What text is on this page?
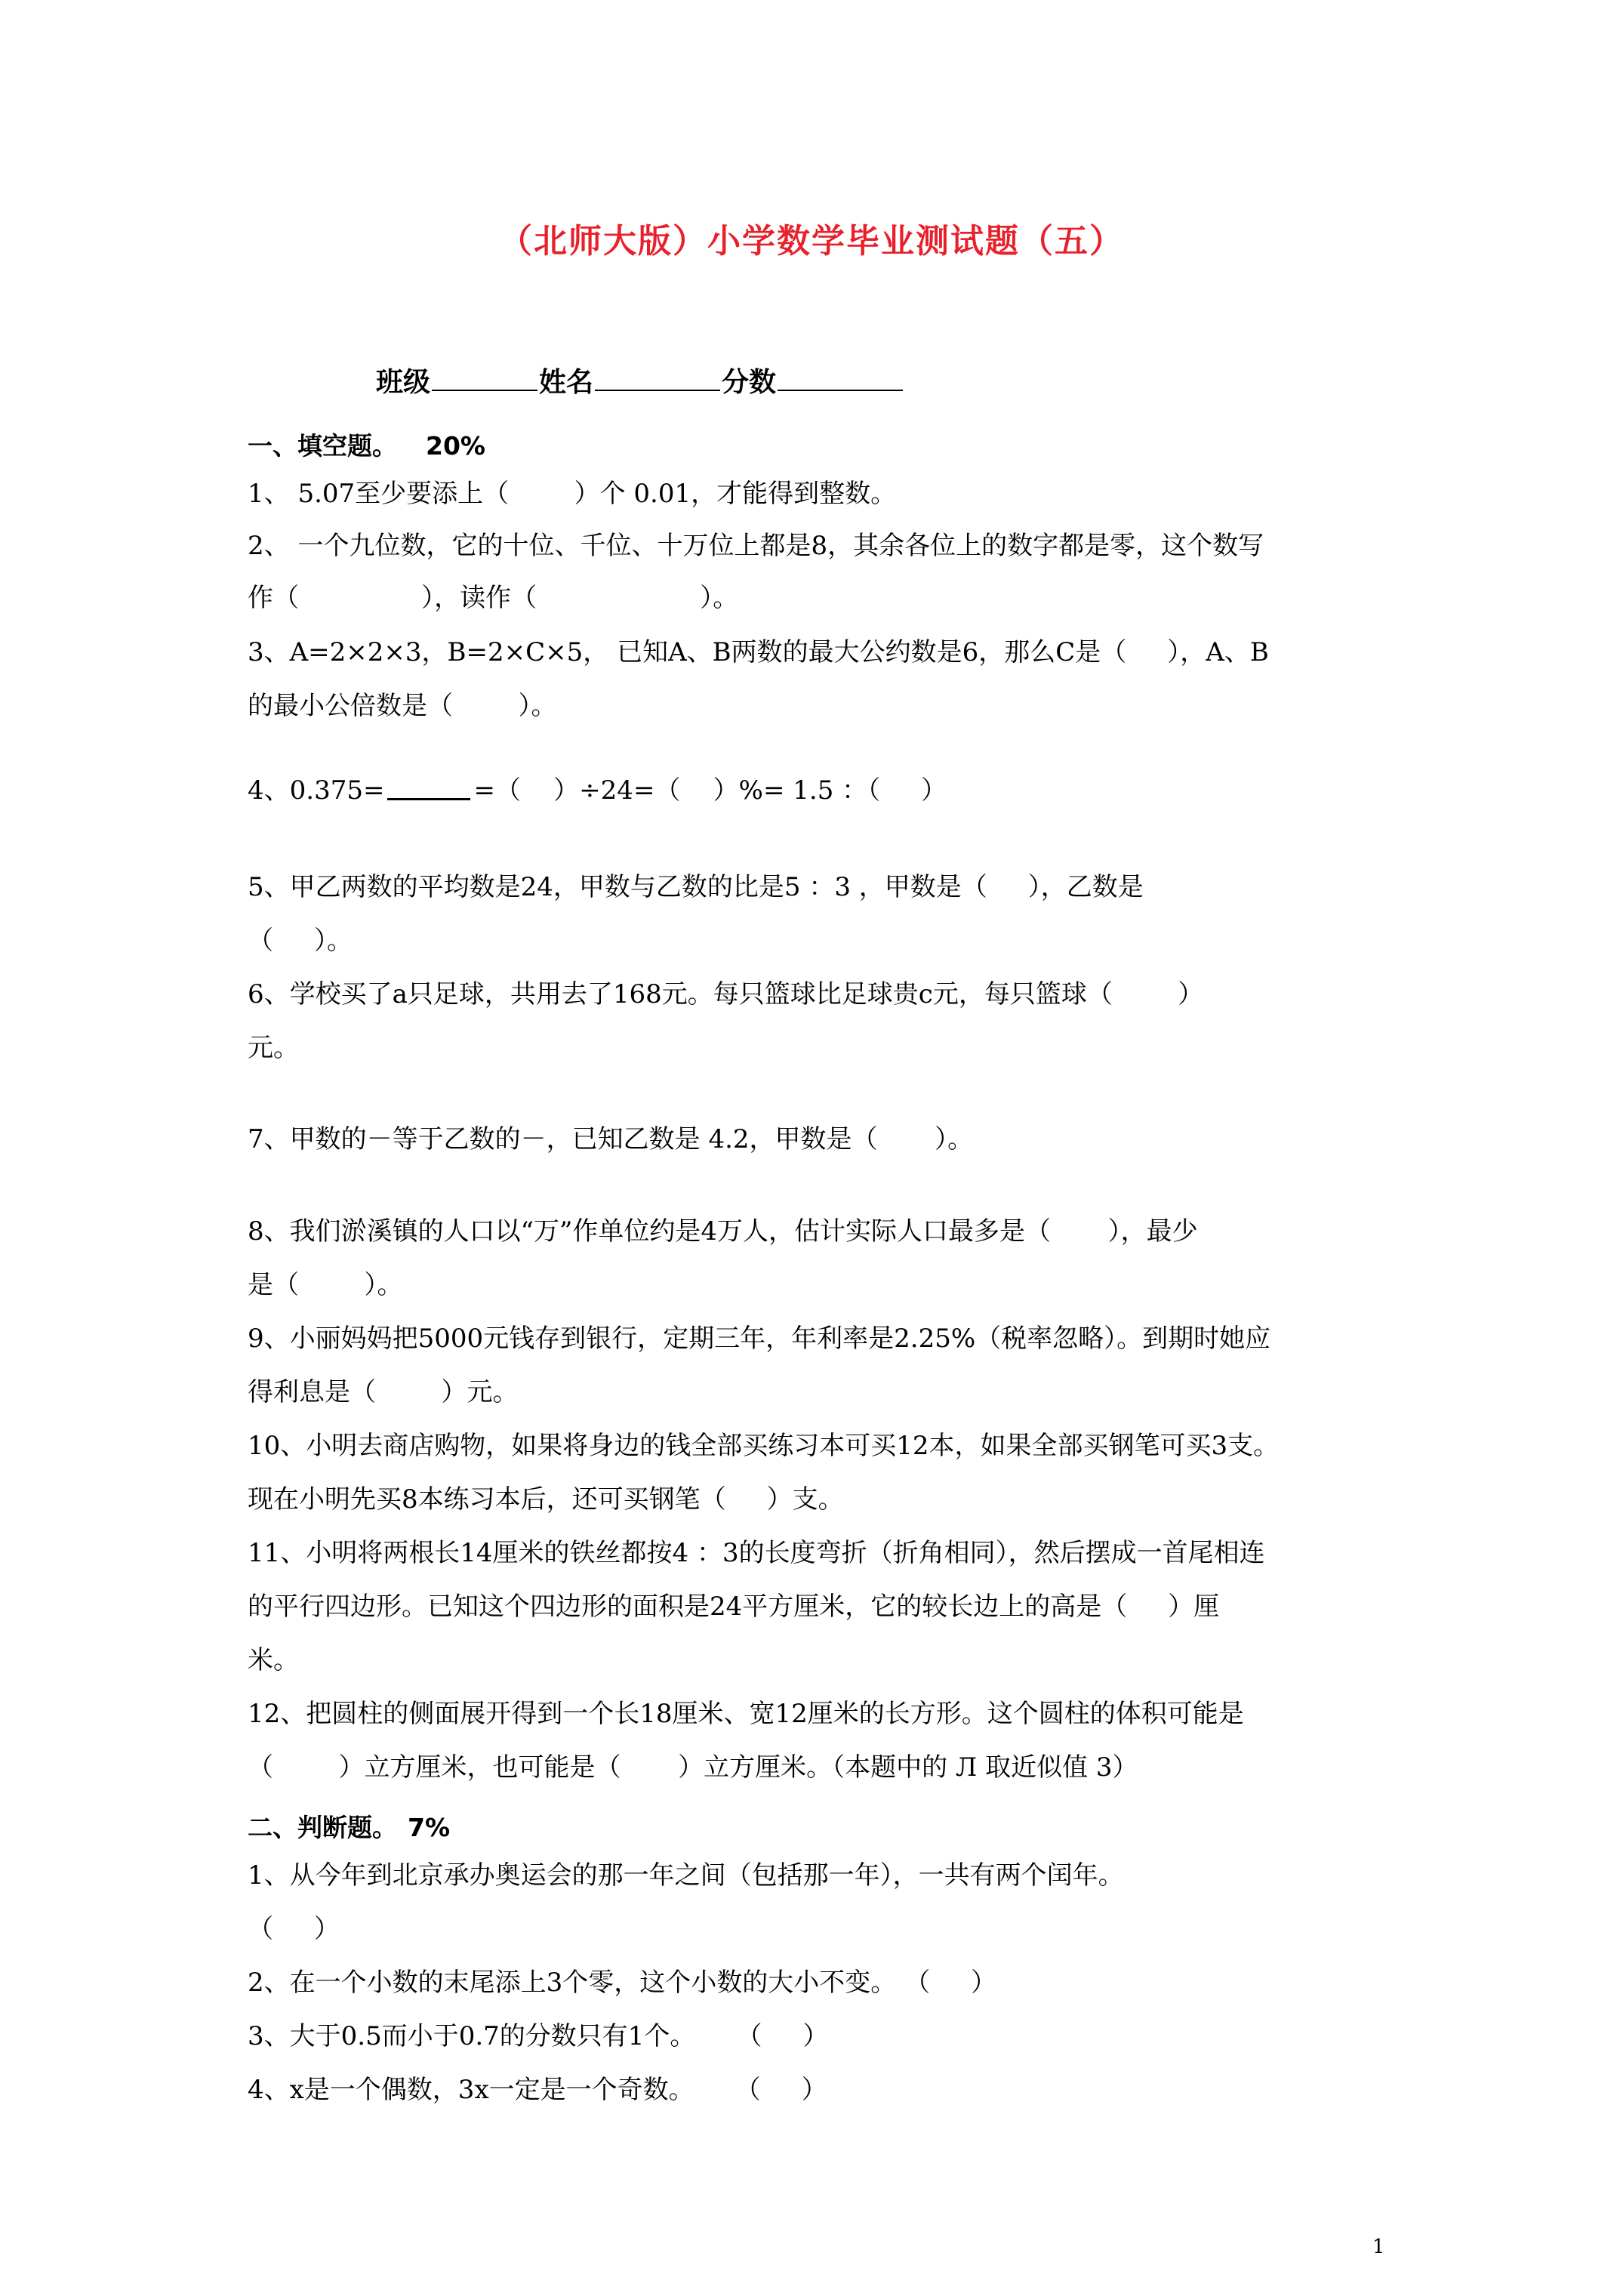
（北师大版）小学数学毕业测试题（五）
班级	姓名	分数
一、填空题。 20%
1、 5.07至少要添上（        ）个 0.01，才能得到整数。
2、 一个九位数，它的十位、千位、十万位上都是8，其余各位上的数字都是零，这个数写
作（               ），读作（                    ）。
3、A=2×2×3，B=2×C×5， 已知A、B两数的最大公约数是6，那么C是（     ），A、B
的最小公倍数是（        ）。
4、0.375=	=（    ）÷24=（    ）%= 1.5 ：（     ）
5、甲乙两数的平均数是24，甲数与乙数的比是5 ：3 ，甲数是（     ），乙数是
（     ）。
6、学校买了a只足球，共用去了168元。每只篮球比足球贵c元，每只篮球（        ）
元。
7、甲数的－等于乙数的－，已知乙数是 4.2，甲数是（       ）。
8、我们淤溪镇的人口以“万”作单位约是4万人，估计实际人口最多是（       ），最少
是（        ）。
9、小丽妈妈把5000元钱存到银行，定期三年，年利率是2.25%（税率忽略）。到期时她应
得利息是（        ）元。
10、小明去商店购物，如果将身边的钱全部买练习本可买12本，如果全部买钢笔可买3支。
现在小明先买8本练习本后，还可买钢笔（     ）支。
11、小明将两根长14厘米的铁丝都按4 ：3的长度弯折（折角相同），然后摆成一首尾相连
的平行四边形。已知这个四边形的面积是24平方厘米，它的较长边上的高是（     ）厘
米。
12、把圆柱的侧面展开得到一个长18厘米、宽12厘米的长方形。这个圆柱的体积可能是
（        ）立方厘米，也可能是（       ）立方厘米。（本题中的 Л 取近似值 3）
二、判断题。 7%
1、从今年到北京承办奥运会的那一年之间（包括那一年），一共有两个闰年。
（     ）
2、在一个小数的末尾添上3个零，这个小数的大小不变。 （     ）
3、大于0.5而小于0.7的分数只有1个。     （     ）
4、x是一个偶数，3x一定是一个奇数。     （     ）
1
